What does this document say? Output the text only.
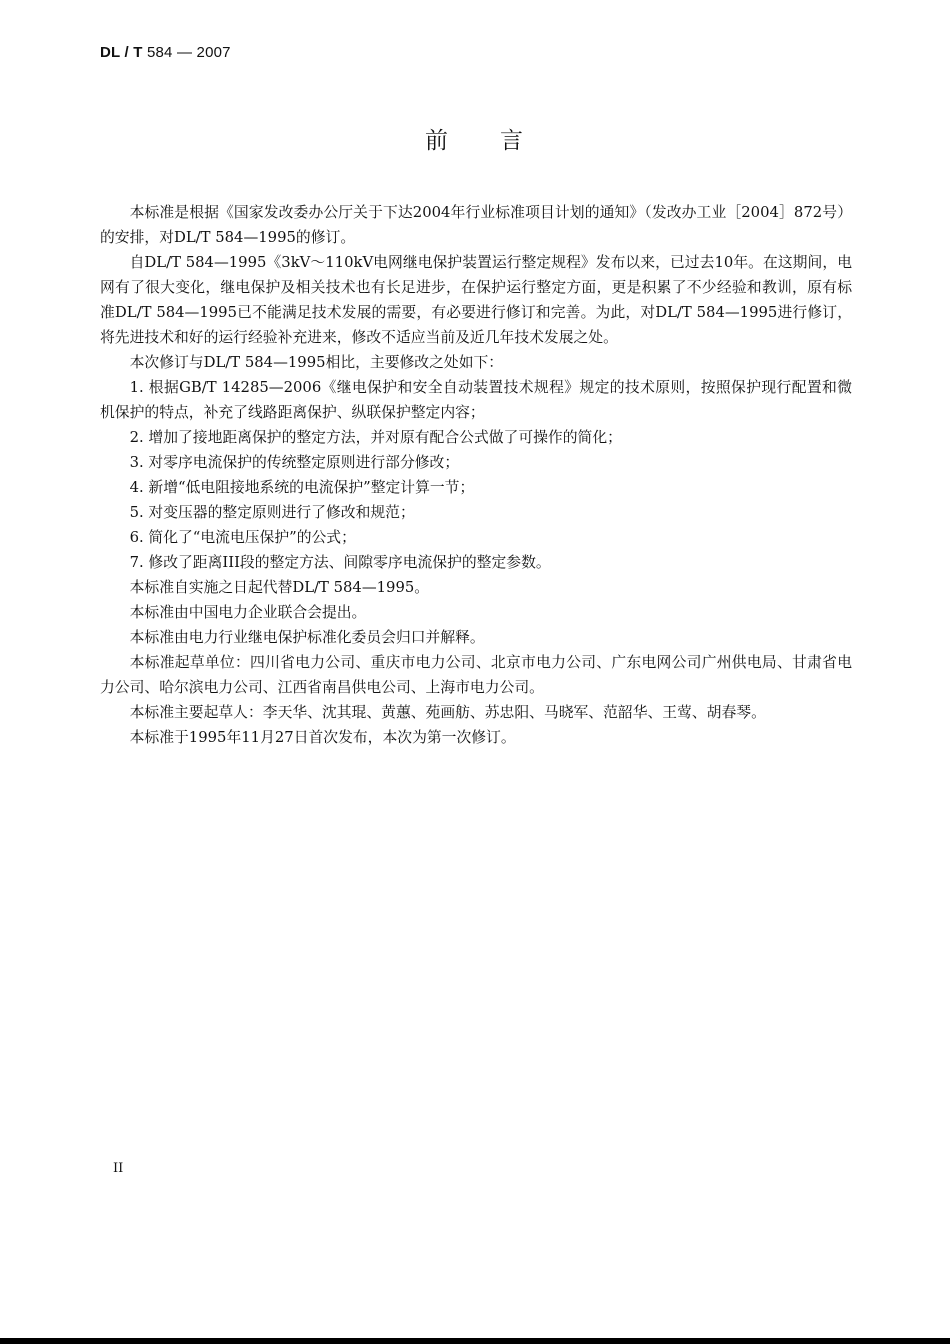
DL / T 584 — 2007
前　　言

本标准是根据《国家发改委办公厅关于下达2004年行业标准项目计划的通知》（发改办工业［2004］872号）的安排，对DL/T 584—1995的修订。

自DL/T 584—1995《3kV～110kV电网继电保护装置运行整定规程》发布以来，已过去10年。在这期间，电网有了很大变化，继电保护及相关技术也有长足进步，在保护运行整定方面，更是积累了不少经验和教训，原有标准DL/T 584—1995已不能满足技术发展的需要，有必要进行修订和完善。为此，对DL/T 584—1995进行修订，将先进技术和好的运行经验补充进来，修改不适应当前及近几年技术发展之处。

本次修订与DL/T 584—1995相比，主要修改之处如下：

1. 根据GB/T 14285—2006《继电保护和安全自动装置技术规程》规定的技术原则，按照保护现行配置和微机保护的特点，补充了线路距离保护、纵联保护整定内容；

2. 增加了接地距离保护的整定方法，并对原有配合公式做了可操作的简化；

3. 对零序电流保护的传统整定原则进行部分修改；

4. 新增“低电阻接地系统的电流保护”整定计算一节；

5. 对变压器的整定原则进行了修改和规范；

6. 简化了“电流电压保护”的公式；

7. 修改了距离III段的整定方法、间隙零序电流保护的整定参数。

本标准自实施之日起代替DL/T 584—1995。

本标准由中国电力企业联合会提出。

本标准由电力行业继电保护标准化委员会归口并解释。

本标准起草单位：四川省电力公司、重庆市电力公司、北京市电力公司、广东电网公司广州供电局、甘肃省电力公司、哈尔滨电力公司、江西省南昌供电公司、上海市电力公司。

本标准主要起草人：李天华、沈其琨、黄蕙、苑画舫、苏忠阳、马晓军、范韶华、王莺、胡春琴。

本标准于1995年11月27日首次发布，本次为第一次修订。

II
